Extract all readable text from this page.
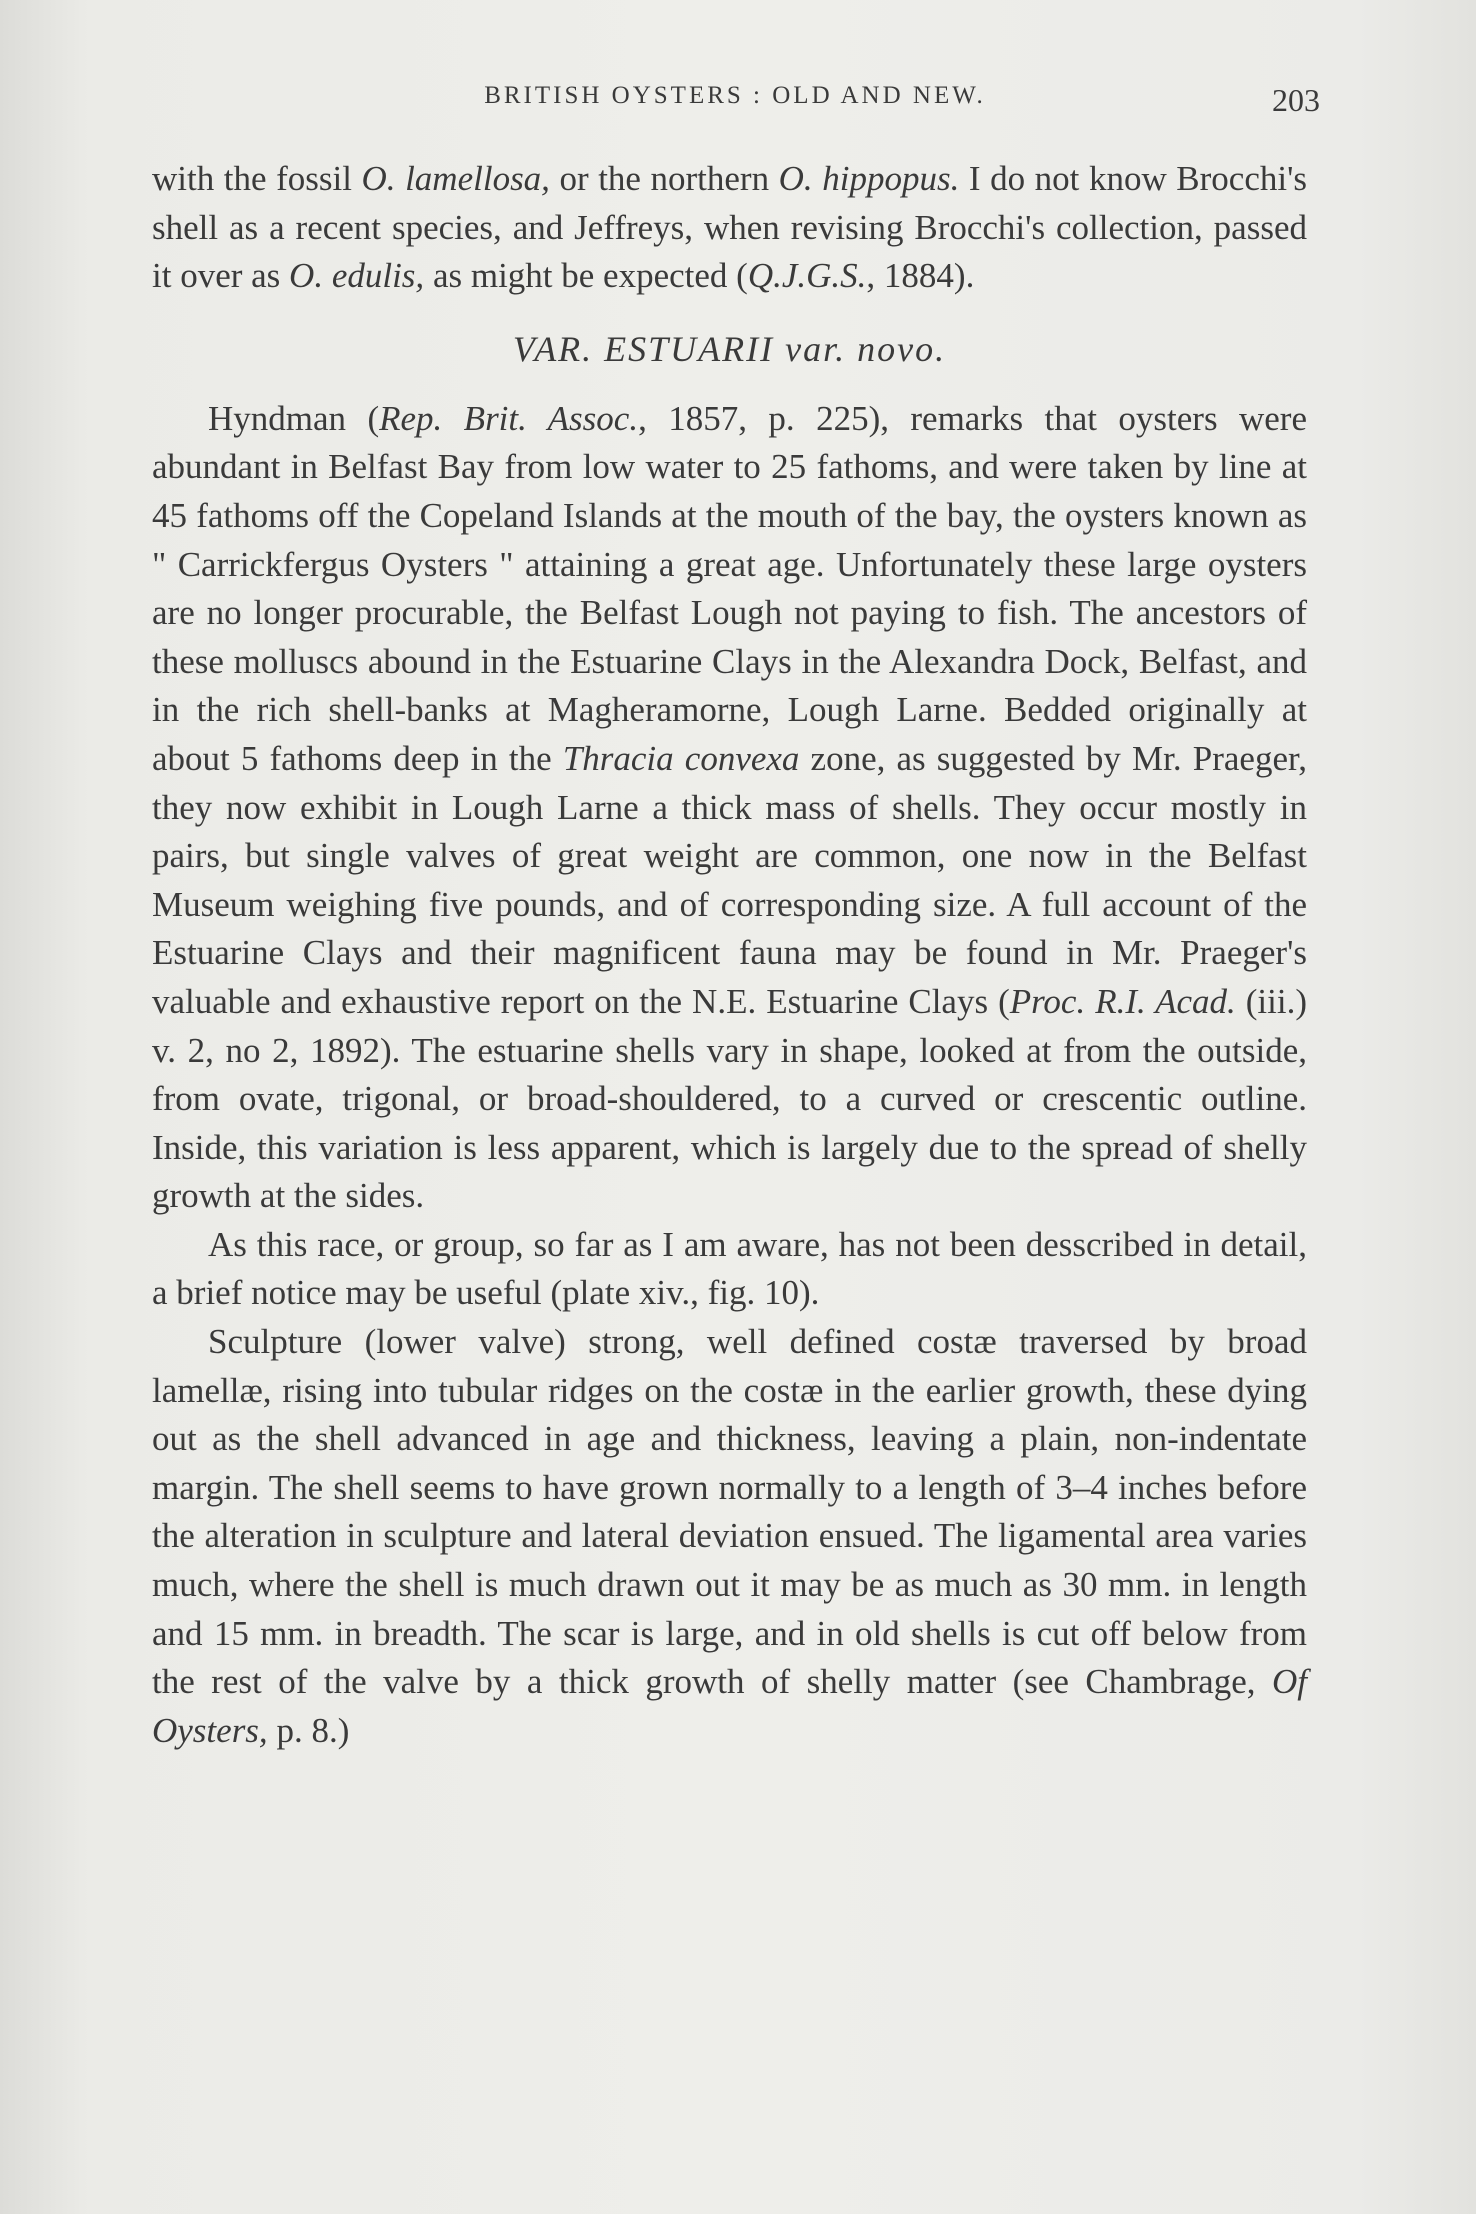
BRITISH OYSTERS : OLD AND NEW.	203

with the fossil O. lamellosa, or the northern O. hippopus. I do not know Brocchi's shell as a recent species, and Jeffreys, when revising Brocchi's collection, passed it over as O. edulis, as might be expected (Q.J.G.S., 1884).

VAR. ESTUARII var. novo.

Hyndman (Rep. Brit. Assoc., 1857, p. 225), remarks that oysters were abundant in Belfast Bay from low water to 25 fathoms, and were taken by line at 45 fathoms off the Copeland Islands at the mouth of the bay, the oysters known as " Carrickfergus Oysters " attaining a great age. Unfortunately these large oysters are no longer procurable, the Belfast Lough not paying to fish. The ancestors of these molluscs abound in the Estuarine Clays in the Alexandra Dock, Belfast, and in the rich shell-banks at Magheramorne, Lough Larne. Bedded originally at about 5 fathoms deep in the Thracia convexa zone, as suggested by Mr. Praeger, they now exhibit in Lough Larne a thick mass of shells. They occur mostly in pairs, but single valves of great weight are common, one now in the Belfast Museum weighing five pounds, and of corresponding size. A full account of the Estuarine Clays and their magnificent fauna may be found in Mr. Praeger's valuable and exhaustive report on the N.E. Estuarine Clays (Proc. R.I. Acad. (iii.) v. 2, no 2, 1892). The estuarine shells vary in shape, looked at from the outside, from ovate, trigonal, or broad-shouldered, to a curved or crescentic outline. Inside, this variation is less apparent, which is largely due to the spread of shelly growth at the sides.

As this race, or group, so far as I am aware, has not been desscribed in detail, a brief notice may be useful (plate xiv., fig. 10).

Sculpture (lower valve) strong, well defined costæ traversed by broad lamellæ, rising into tubular ridges on the costæ in the earlier growth, these dying out as the shell advanced in age and thickness, leaving a plain, non-indentate margin. The shell seems to have grown normally to a length of 3–4 inches before the alteration in sculpture and lateral deviation ensued. The ligamental area varies much, where the shell is much drawn out it may be as much as 30 mm. in length and 15 mm. in breadth. The scar is large, and in old shells is cut off below from the rest of the valve by a thick growth of shelly matter (see Chambrage, Of Oysters, p. 8.)
